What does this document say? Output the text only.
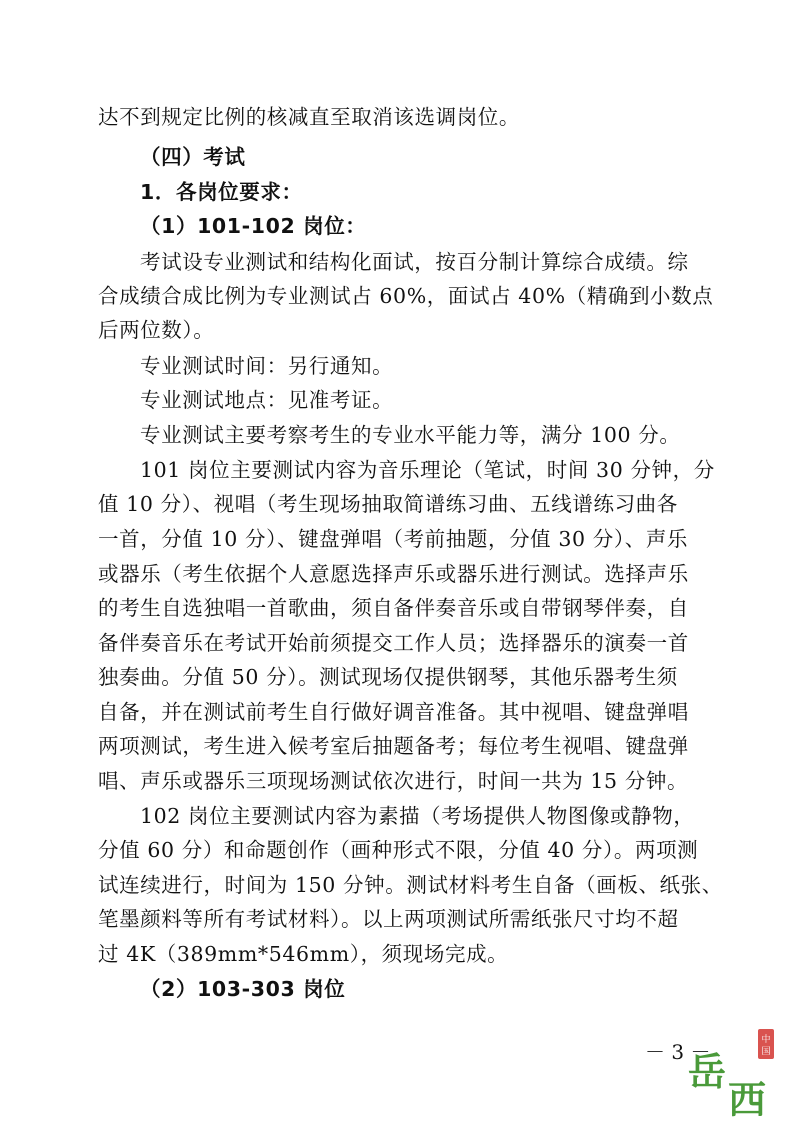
达不到规定比例的核减直至取消该选调岗位。
（四）考试
1．各岗位要求：
（1）101-102 岗位：
考试设专业测试和结构化面试，按百分制计算综合成绩。综
合成绩合成比例为专业测试占 60%，面试占 40%（精确到小数点
后两位数）。
专业测试时间：另行通知。
专业测试地点：见准考证。
专业测试主要考察考生的专业水平能力等，满分 100 分。
101 岗位主要测试内容为音乐理论（笔试，时间 30 分钟，分
值 10 分）、视唱（考生现场抽取简谱练习曲、五线谱练习曲各
一首，分值 10 分）、键盘弹唱（考前抽题，分值 30 分）、声乐
或器乐（考生依据个人意愿选择声乐或器乐进行测试。选择声乐
的考生自选独唱一首歌曲，须自备伴奏音乐或自带钢琴伴奏，自
备伴奏音乐在考试开始前须提交工作人员；选择器乐的演奏一首
独奏曲。分值 50 分）。测试现场仅提供钢琴，其他乐器考生须
自备，并在测试前考生自行做好调音准备。其中视唱、键盘弹唱
两项测试，考生进入候考室后抽题备考；每位考生视唱、键盘弹
唱、声乐或器乐三项现场测试依次进行，时间一共为 15 分钟。
102 岗位主要测试内容为素描（考场提供人物图像或静物，
分值 60 分）和命题创作（画种形式不限，分值 40 分）。两项测
试连续进行，时间为 150 分钟。测试材料考生自备（画板、纸张、
笔墨颜料等所有考试材料）。以上两项测试所需纸张尺寸均不超
过 4K（389mm*546mm），须现场完成。
（2）103-303 岗位
－ 3 －	中
国
岳
西
